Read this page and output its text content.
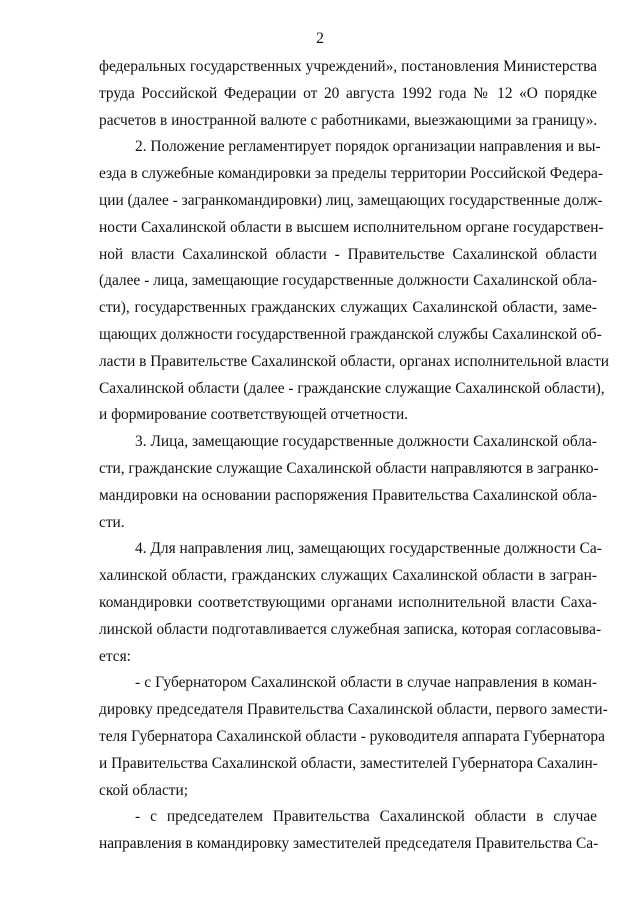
2
федеральных государственных учреждений», постановления Министерства
труда Российской Федерации от 20 августа 1992 года № 12 «О порядке
расчетов в иностранной валюте с работниками, выезжающими за границу».
2. Положение регламентирует порядок организации направления и вы-
езда в служебные командировки за пределы территории Российской Федера-
ции (далее - загранкомандировки) лиц, замещающих государственные долж-
ности Сахалинской области в высшем исполнительном органе государствен-
ной власти Сахалинской области - Правительстве Сахалинской области
(далее - лица, замещающие государственные должности Сахалинской обла-
сти), государственных гражданских служащих Сахалинской области, заме-
щающих должности государственной гражданской службы Сахалинской об-
ласти в Правительстве Сахалинской области, органах исполнительной власти
Сахалинской области (далее - гражданские служащие Сахалинской области),
и формирование соответствующей отчетности.
3. Лица, замещающие государственные должности Сахалинской обла-
сти, гражданские служащие Сахалинской области направляются в загранко-
мандировки на основании распоряжения Правительства Сахалинской обла-
сти.
4. Для направления лиц, замещающих государственные должности Са-
халинской области, гражданских служащих Сахалинской области в загран-
командировки соответствующими органами исполнительной власти Саха-
линской области подготавливается служебная записка, которая согласовыва-
ется:
- с Губернатором Сахалинской области в случае направления в коман-
дировку председателя Правительства Сахалинской области, первого замести-
теля Губернатора Сахалинской области - руководителя аппарата Губернатора
и Правительства Сахалинской области, заместителей Губернатора Сахалин-
ской области;
- с председателем Правительства Сахалинской области в случае
направления в командировку заместителей председателя Правительства Са-
